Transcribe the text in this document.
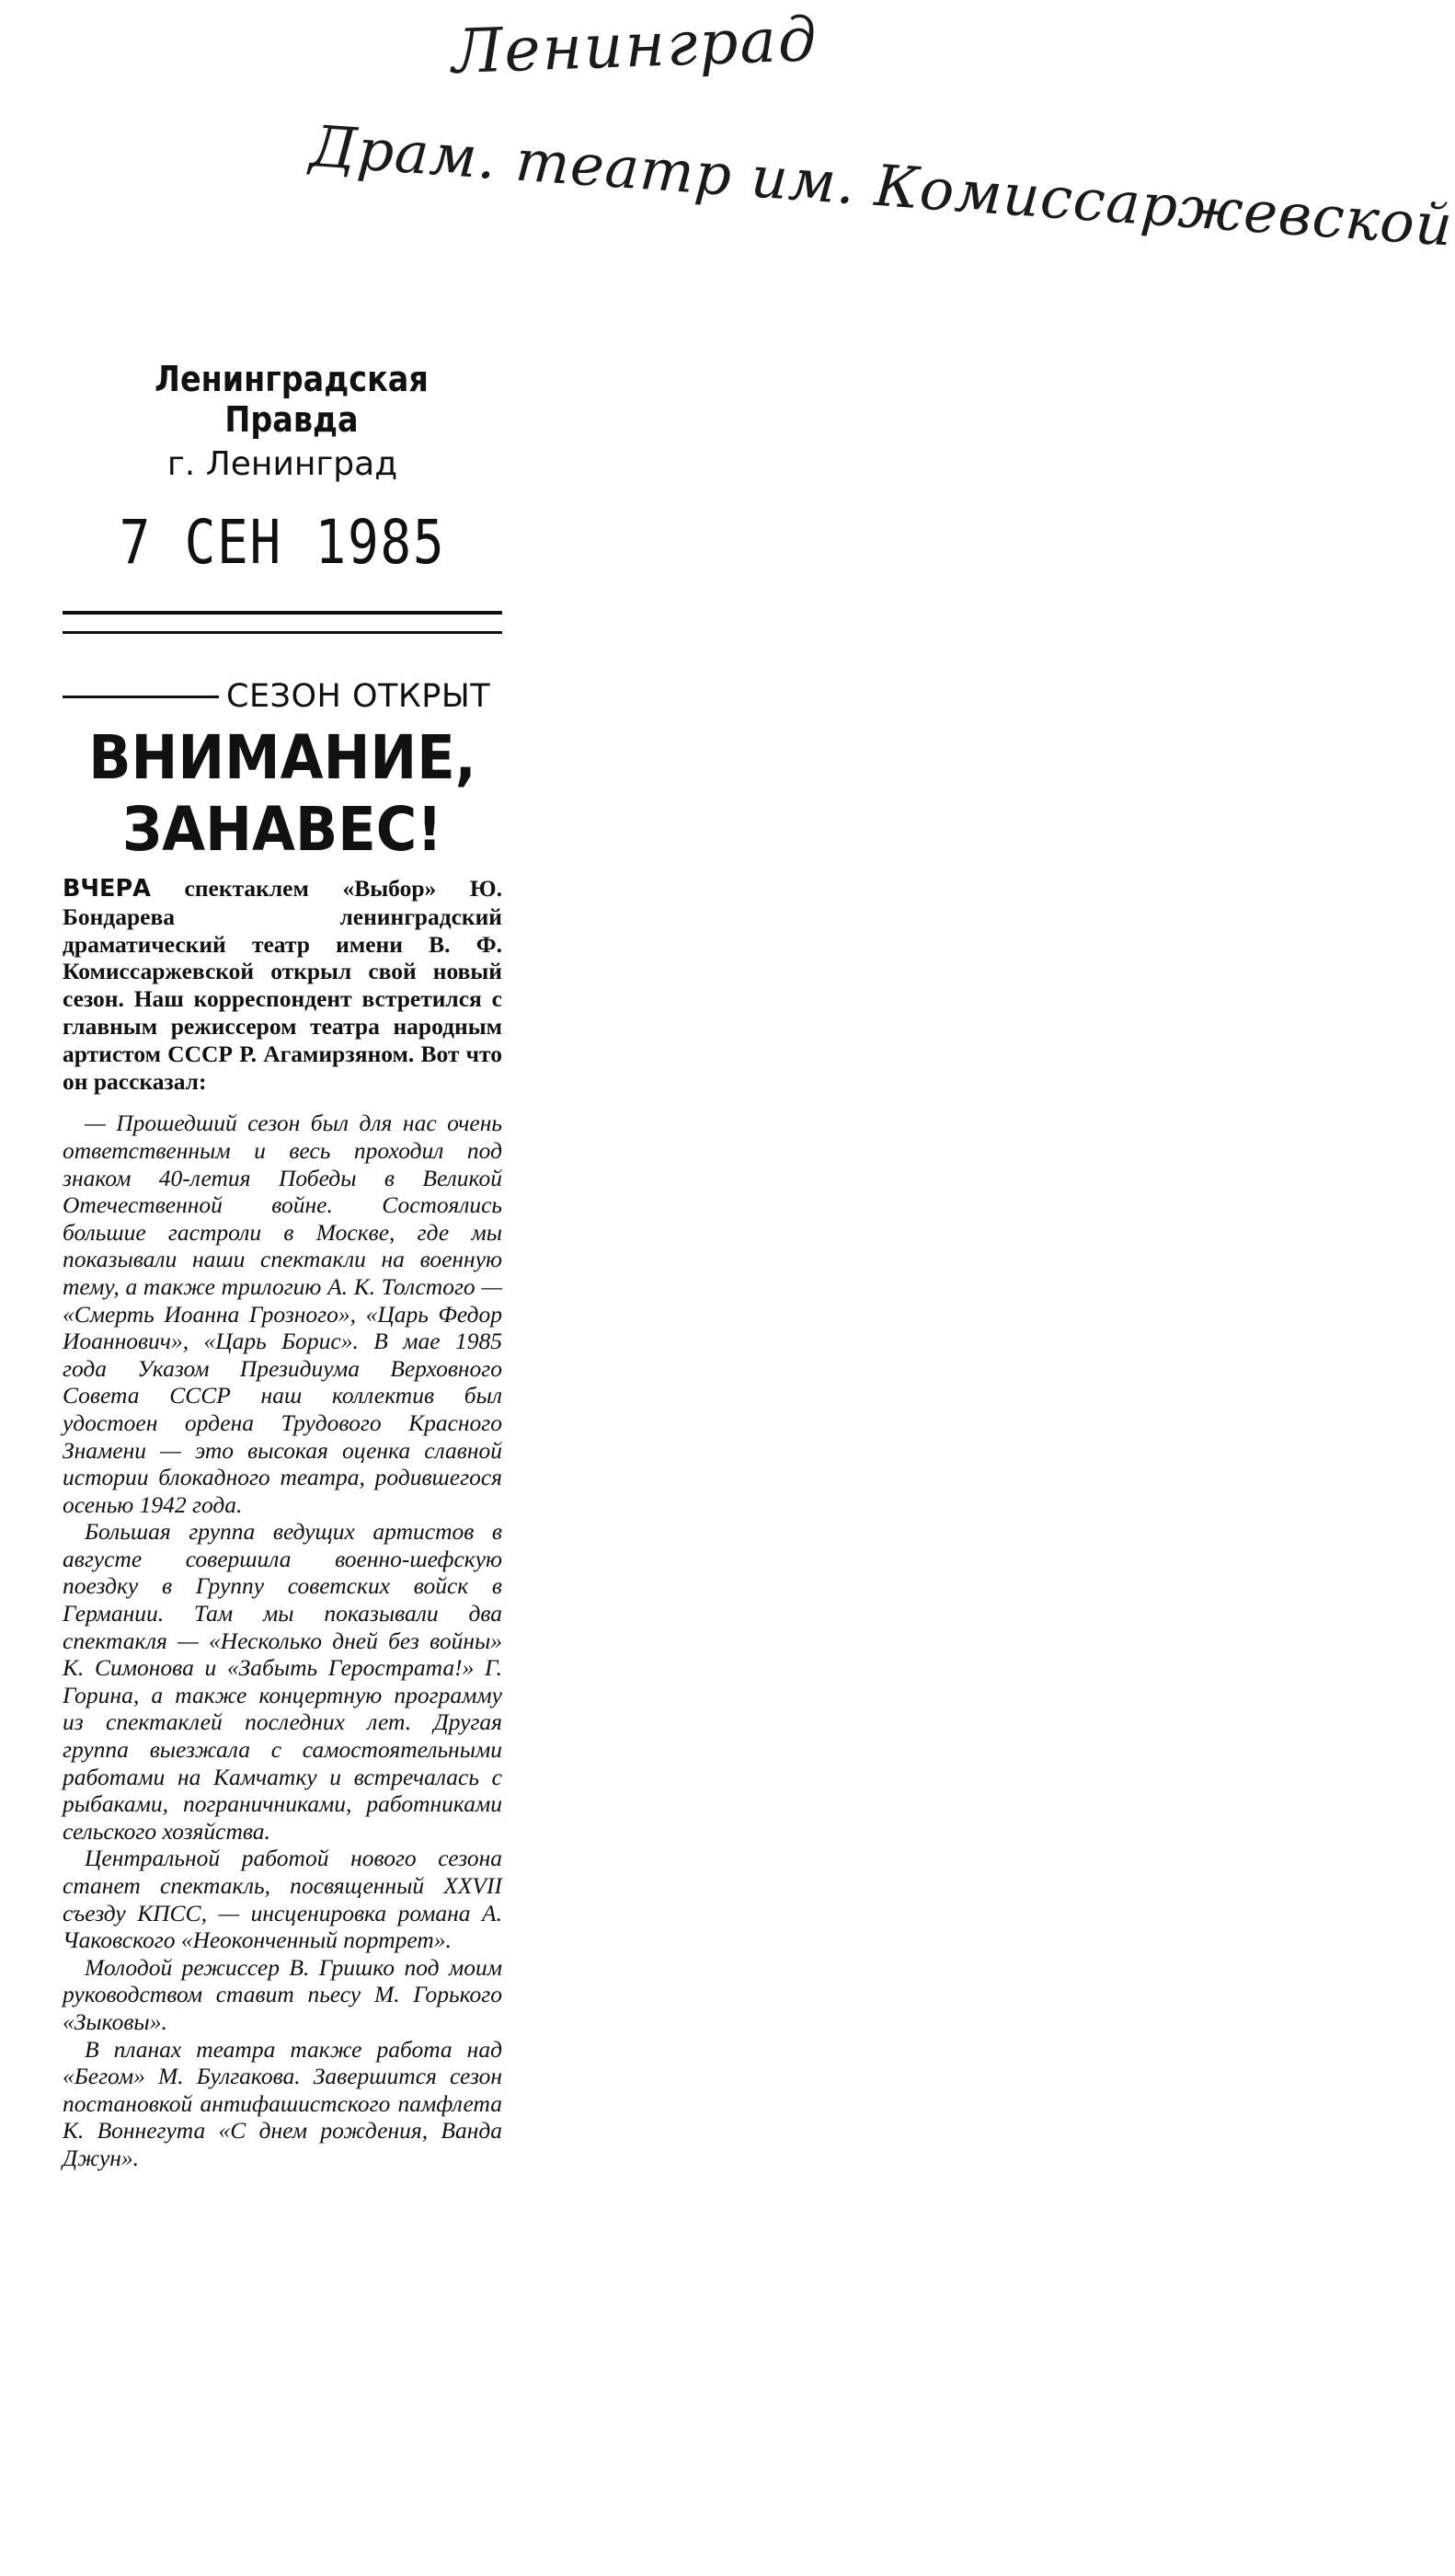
Ленинград
Драм. театр им. Комиссаржевской
Ленинградская Правда
г. Ленинград
7 СЕН 1985
СЕЗОН ОТКРЫТ
ВНИМАНИЕ,
ЗАНАВЕС!
ВЧЕРА спектаклем «Выбор» Ю. Бондарева ленинградский драматический театр имени В. Ф. Комиссаржевской открыл свой новый сезон. Наш корреспондент встретился с главным режиссером театра народным артистом СССР Р. Агамирзяном. Вот что он рассказал:

— Прошедший сезон был для нас очень ответственным и весь проходил под знаком 40-летия Победы в Великой Отечественной войне. Состоялись большие гастроли в Москве, где мы показывали наши спектакли на военную тему, а также трилогию А. К. Толстого — «Смерть Иоанна Грозного», «Царь Федор Иоаннович», «Царь Борис». В мае 1985 года Указом Президиума Верховного Совета СССР наш коллектив был удостоен ордена Трудового Красного Знамени — это высокая оценка славной истории блокадного театра, родившегося осенью 1942 года.

Большая группа ведущих артистов в августе совершила военно-шефскую поездку в Группу советских войск в Германии. Там мы показывали два спектакля — «Несколько дней без войны» К. Симонова и «Забыть Герострата!» Г. Горина, а также концертную программу из спектаклей последних лет. Другая группа выезжала с самостоятельными работами на Камчатку и встречалась с рыбаками, пограничниками, работниками сельского хозяйства.

Центральной работой нового сезона станет спектакль, посвященный XXVII съезду КПСС, — инсценировка романа А. Чаковского «Неоконченный портрет».

Молодой режиссер В. Гришко под моим руководством ставит пьесу М. Горького «Зыковы».

В планах театра также работа над «Бегом» М. Булгакова. Завершится сезон постановкой антифашистского памфлета К. Воннегута «С днем рождения, Ванда Джун».
